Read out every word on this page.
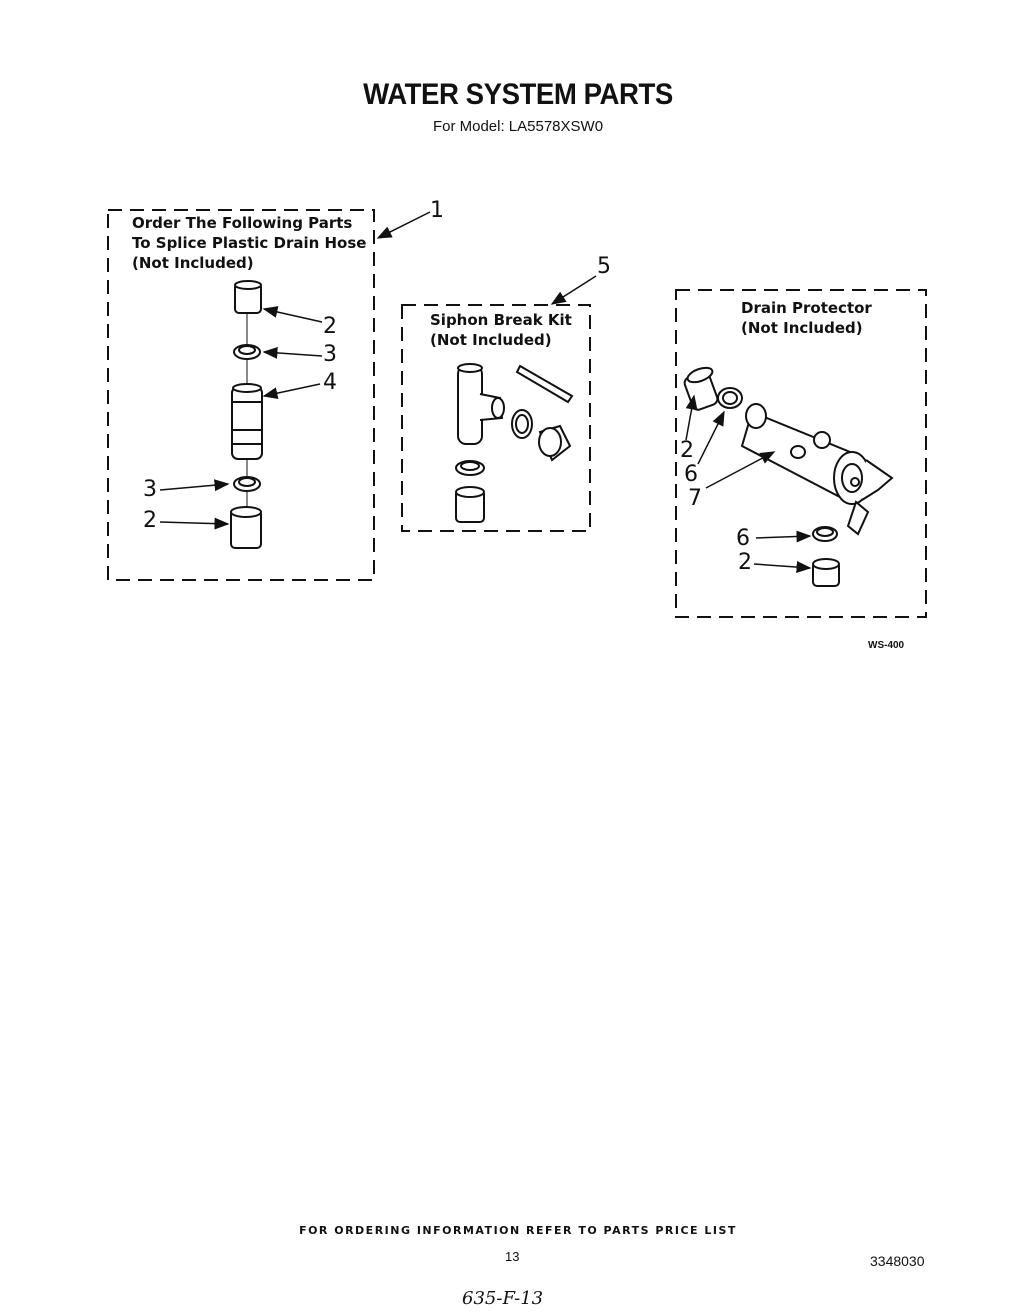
WATER SYSTEM PARTS
For Model: LA5578XSW0
Order The Following Parts
To Splice Plastic Drain Hose
(Not Included)
Siphon Break Kit
(Not Included)
Drain Protector
(Not Included)
1
5
2
3
4
3
2
2
6
7
6
2
WS-400
FOR ORDERING INFORMATION REFER TO PARTS PRICE LIST
13	3348030
635-F-13
